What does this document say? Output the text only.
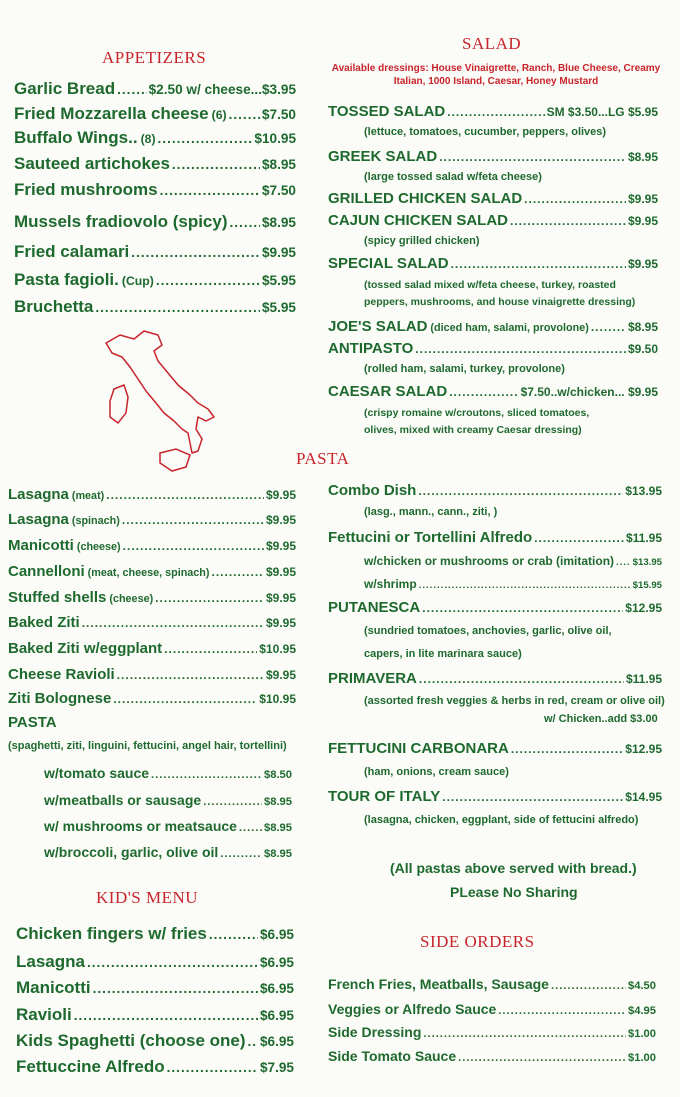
APPETIZERS
Garlic Bread ..... $2.50 w/ cheese...$3.95
Fried Mozzarella cheese (6) .....	$7.50
Buffalo Wings.. (8) .....	$10.95
Sauteed artichokes .....	$8.95
Fried mushrooms .....	$7.50
Mussels fradiovolo (spicy) .....	$8.95
Fried calamari .....	$9.95
Pasta fagioli. (Cup) .....	$5.95
Bruchetta .....	$5.95
Lasagna (meat) .....	$9.95
Lasagna (spinach) .....	$9.95
Manicotti (cheese) .....	$9.95
Cannelloni (meat, cheese, spinach) .....	$9.95
Stuffed shells (cheese) .....	$9.95
Baked Ziti .....	$9.95
Baked Ziti w/eggplant .....	$10.95
Cheese Ravioli .....	$9.95
Ziti Bolognese .....	$10.95
PASTA
(spaghetti, ziti, linguini, fettucini, angel hair, tortellini)
w/tomato sauce .....	$8.50
w/meatballs or sausage .....	$8.95
w/ mushrooms or meatsauce ..... $8.95
w/broccoli, garlic, olive oil .....	$8.95
KID'S MENU
Chicken fingers w/ fries .....	$6.95
Lasagna .....	$6.95
Manicotti .....	$6.95
Ravioli .....	$6.95
Kids Spaghetti (choose one) ..... $6.95
Fettuccine Alfredo .....	$7.95
SALAD
Available dressings: House Vinaigrette, Ranch, Blue Cheese, Creamy Italian, 1000 Island, Caesar, Honey Mustard
TOSSED SALAD .....	SM $3.50...LG $5.95
(lettuce, tomatoes, cucumber, peppers, olives)
GREEK SALAD .....	$8.95
(large tossed salad w/feta cheese)
GRILLED CHICKEN SALAD .....	$9.95
CAJUN CHICKEN SALAD .....	$9.95
(spicy grilled chicken)
SPECIAL SALAD .....	$9.95
(tossed salad mixed w/feta cheese, turkey, roasted
peppers, mushrooms, and house vinaigrette dressing)
JOE'S SALAD (diced ham, salami, provolone) .....	$8.95
ANTIPASTO .....	$9.50
(rolled ham, salami, turkey, provolone)
CAESAR SALAD .....	$7.50..w/chicken... $9.95
(crispy romaine w/croutons, sliced tomatoes,
olives, mixed with creamy Caesar dressing)
PASTA
Combo Dish .....	$13.95
(lasg., mann., cann., ziti, )
Fettucini or Tortellini Alfredo .....	$11.95
w/chicken or mushrooms or crab (imitation) ..... $13.95
w/shrimp .....	$15.95
PUTANESCA .....	$12.95
(sundried tomatoes, anchovies, garlic, olive oil,
capers, in lite marinara sauce)
PRIMAVERA .....	$11.95
(assorted fresh veggies & herbs in red, cream or olive oil)
w/ Chicken..add $3.00
FETTUCINI CARBONARA .....	$12.95
(ham, onions, cream sauce)
TOUR OF ITALY .....	$14.95
(lasagna, chicken, eggplant, side of fettucini alfredo)
(All pastas above served with bread.)
PLease No Sharing
SIDE ORDERS
French Fries, Meatballs, Sausage .....	$4.50
Veggies or Alfredo Sauce .....	$4.95
Side Dressing .....	$1.00
Side Tomato Sauce .....	$1.00
